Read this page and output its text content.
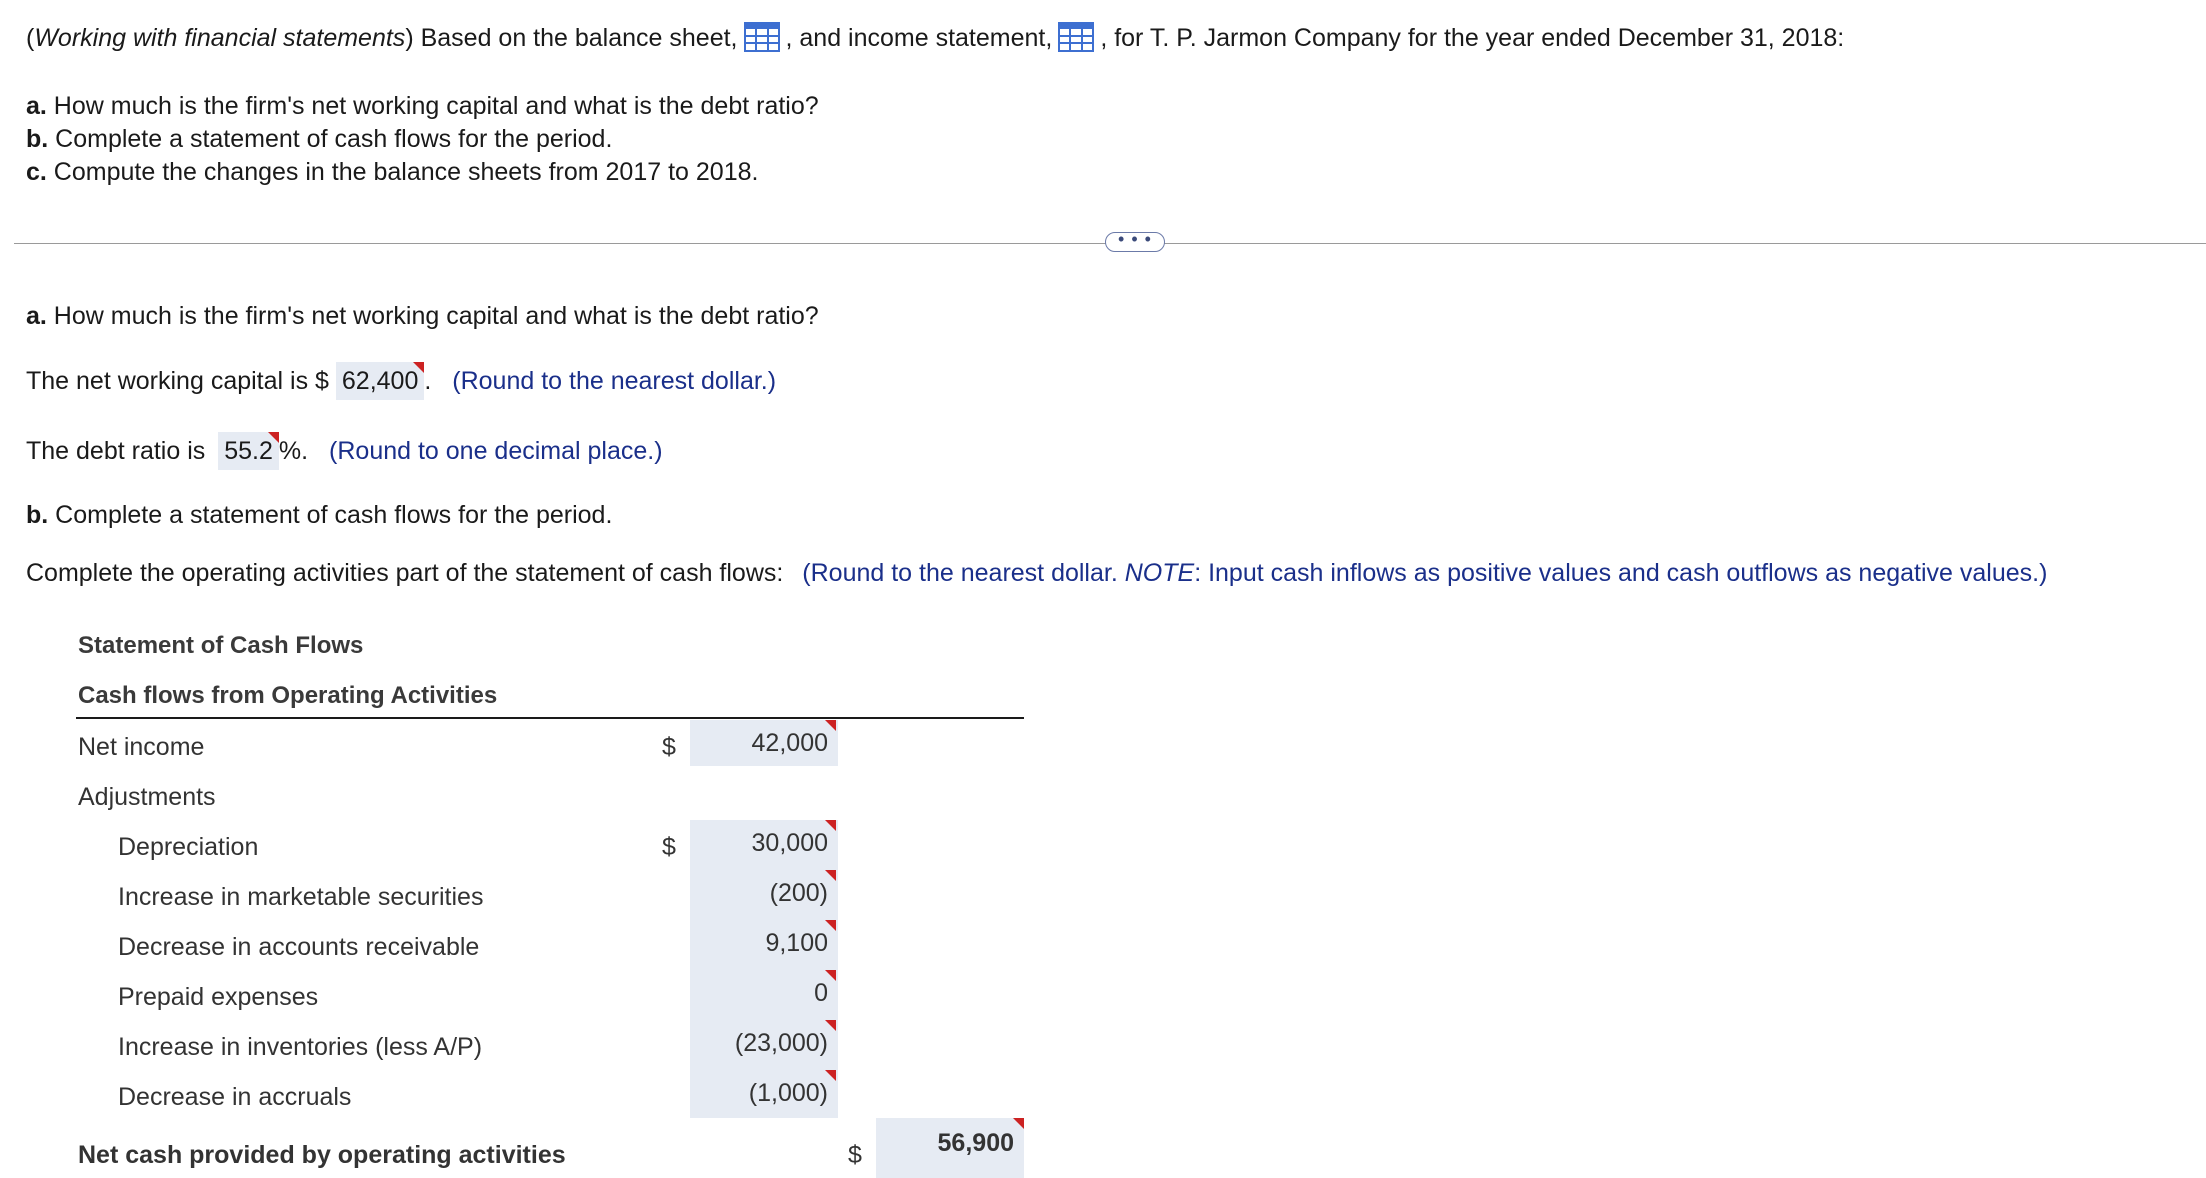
(Working with financial statements) Based on the balance sheet, , and income statement, , for T. P. Jarmon Company for the year ended December 31, 2018:
a. How much is the firm's net working capital and what is the debt ratio?
b. Complete a statement of cash flows for the period.
c. Compute the changes in the balance sheets from 2017 to 2018.
• • •
a. How much is the firm's net working capital and what is the debt ratio?
The net working capital is $ 62,400 . (Round to the nearest dollar.)
The debt ratio is 55.2 %. (Round to one decimal place.)
b. Complete a statement of cash flows for the period.
Complete the operating activities part of the statement of cash flows: (Round to the nearest dollar. NOTE: Input cash inflows as positive values and cash outflows as negative values.)
Statement of Cash Flows
Cash flows from Operating Activities
Net income	$	42,000
Adjustments
Depreciation	$	30,000
Increase in marketable securities	(200)
Decrease in accounts receivable	9,100
Prepaid expenses	0
Increase in inventories (less A/P)	(23,000)
Decrease in accruals	(1,000)
Net cash provided by operating activities	$	56,900
